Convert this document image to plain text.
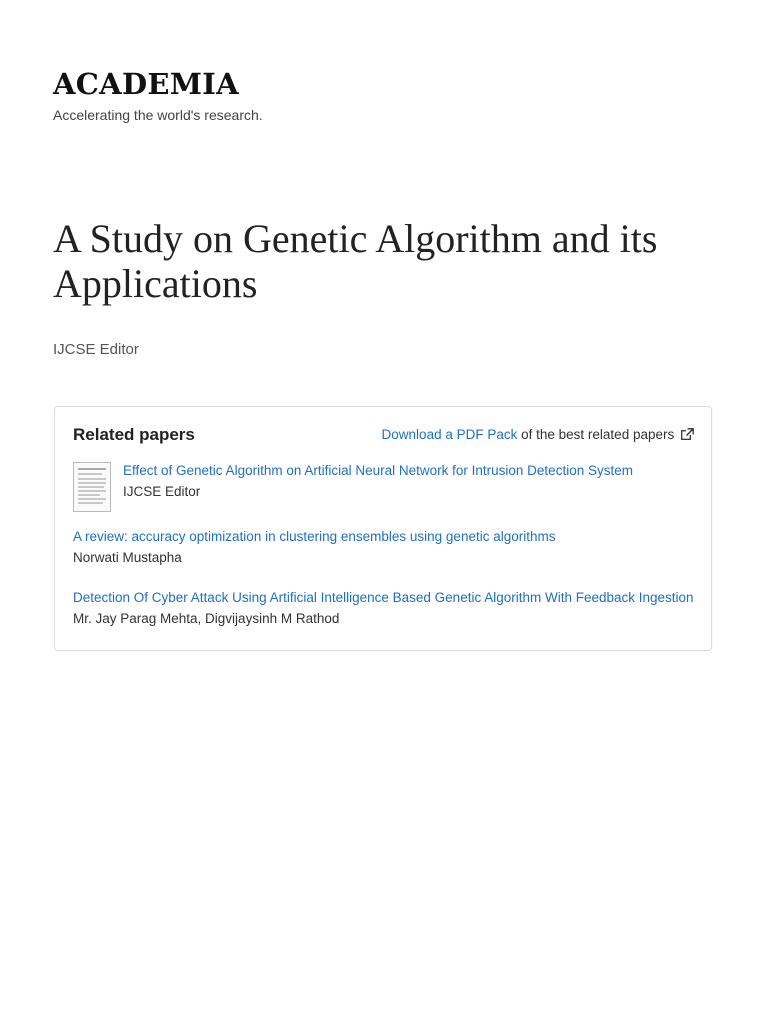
ACADEMIA
Accelerating the world's research.
A Study on Genetic Algorithm and its Applications
IJCSE Editor
Related papers	Download a PDF Pack of the best related papers
Effect of Genetic Algorithm on Artificial Neural Network for Intrusion Detection System
IJCSE Editor
A review: accuracy optimization in clustering ensembles using genetic algorithms
Norwati Mustapha
Detection Of Cyber Attack Using Artificial Intelligence Based Genetic Algorithm With Feedback Ingestion
Mr. Jay Parag Mehta, Digvijaysinh M Rathod
